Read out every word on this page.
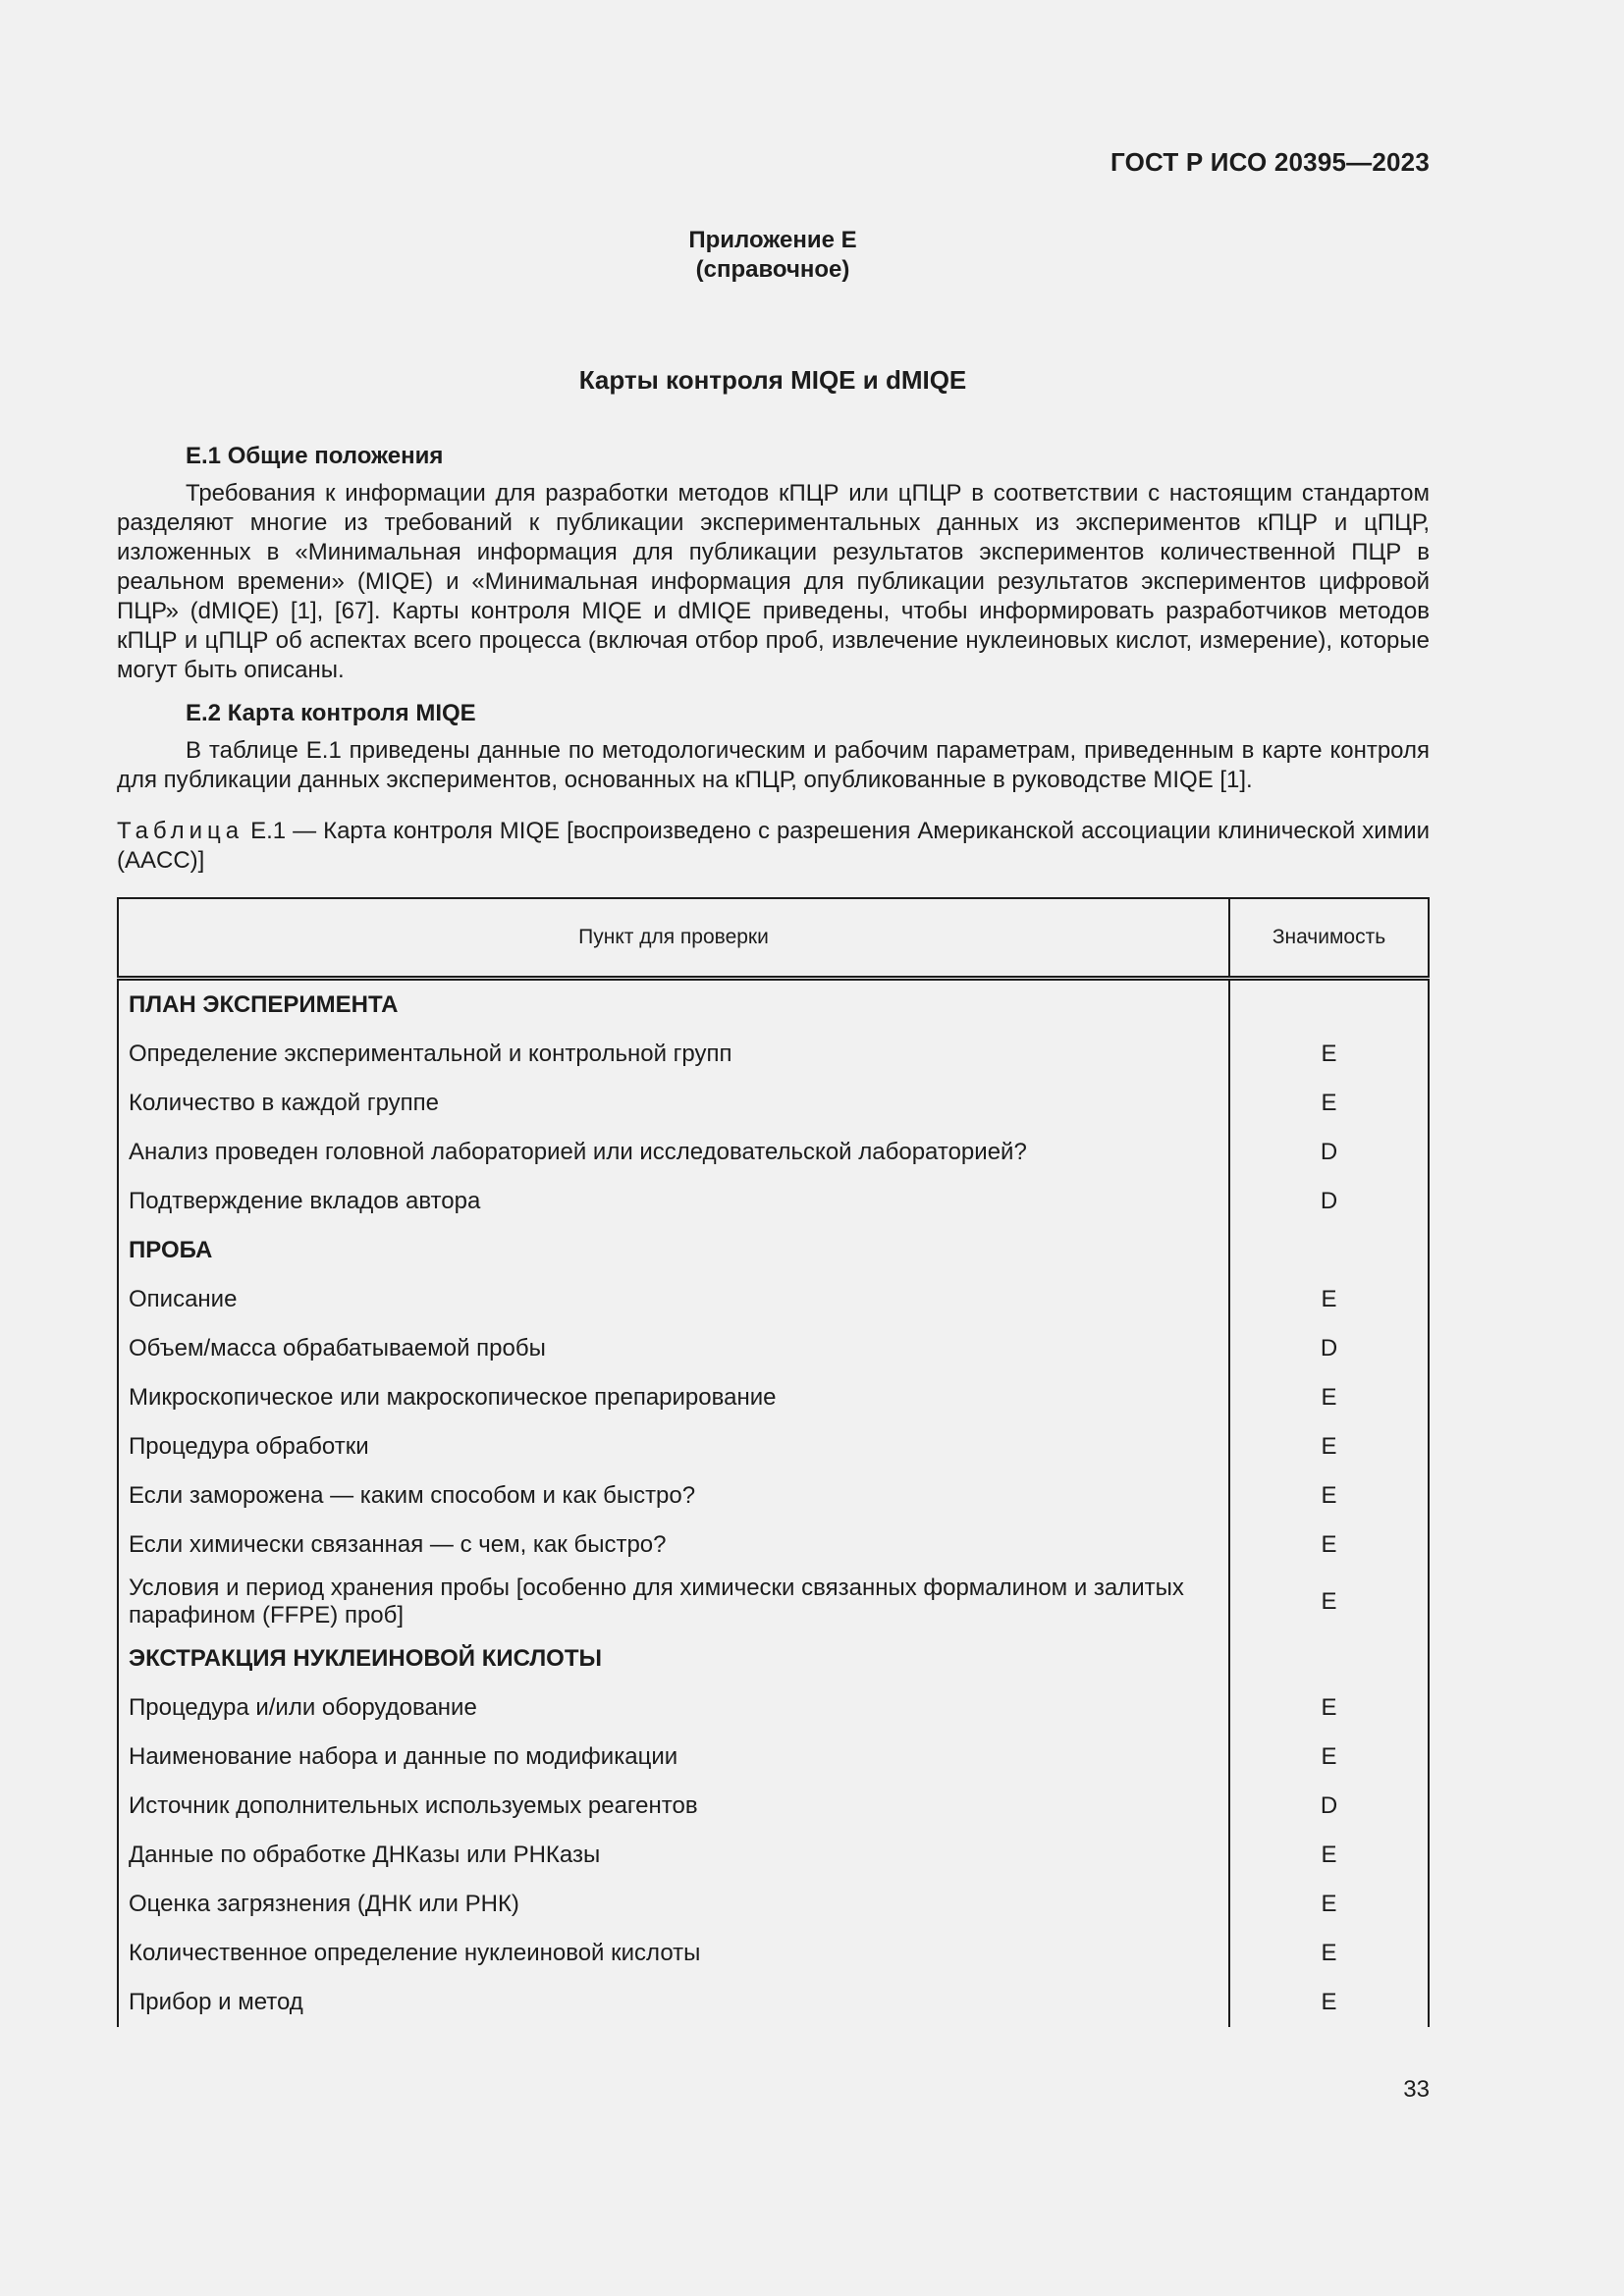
ГОСТ Р ИСО 20395—2023
Приложение Е
(справочное)
Карты контроля MIQE и dMIQE

Е.1 Общие положения

Требования к информации для разработки методов кПЦР или цПЦР в соответствии с настоящим стандартом разделяют многие из требований к публикации экспериментальных данных из экспериментов кПЦР и цПЦР, изложенных в «Минимальная информация для публикации результатов экспериментов количественной ПЦР в реальном времени» (MIQE) и «Минимальная информация для публикации результатов экспериментов цифровой ПЦР» (dMIQE) [1], [67]. Карты контроля MIQE и dMIQE приведены, чтобы информировать разработчиков методов кПЦР и цПЦР об аспектах всего процесса (включая отбор проб, извлечение нуклеиновых кислот, измерение), которые могут быть описаны.

Е.2 Карта контроля MIQE

В таблице Е.1 приведены данные по методологическим и рабочим параметрам, приведенным в карте контроля для публикации данных экспериментов, основанных на кПЦР, опубликованные в руководстве MIQE [1].

Таблица Е.1 — Карта контроля MIQE [воспроизведено с разрешения Американской ассоциации клинической химии (AACC)]

Пункт для проверки	Значимость
ПЛАН ЭКСПЕРИМЕНТА	
Определение экспериментальной и контрольной групп	Е
Количество в каждой группе	Е
Анализ проведен головной лабораторией или исследовательской лабораторией?	D
Подтверждение вкладов автора	D
ПРОБА	
Описание	Е
Объем/масса обрабатываемой пробы	D
Микроскопическое или макроскопическое препарирование	Е
Процедура обработки	Е
Если заморожена — каким способом и как быстро?	Е
Если химически связанная — с чем, как быстро?	Е
Условия и период хранения пробы [особенно для химически связанных формалином и залитых парафином (FFPE) проб]	Е
ЭКСТРАКЦИЯ НУКЛЕИНОВОЙ КИСЛОТЫ	
Процедура и/или оборудование	Е
Наименование набора и данные по модификации	Е
Источник дополнительных используемых реагентов	D
Данные по обработке ДНКазы или РНКазы	Е
Оценка загрязнения (ДНК или РНК)	Е
Количественное определение нуклеиновой кислоты	Е
Прибор и метод	Е
33
